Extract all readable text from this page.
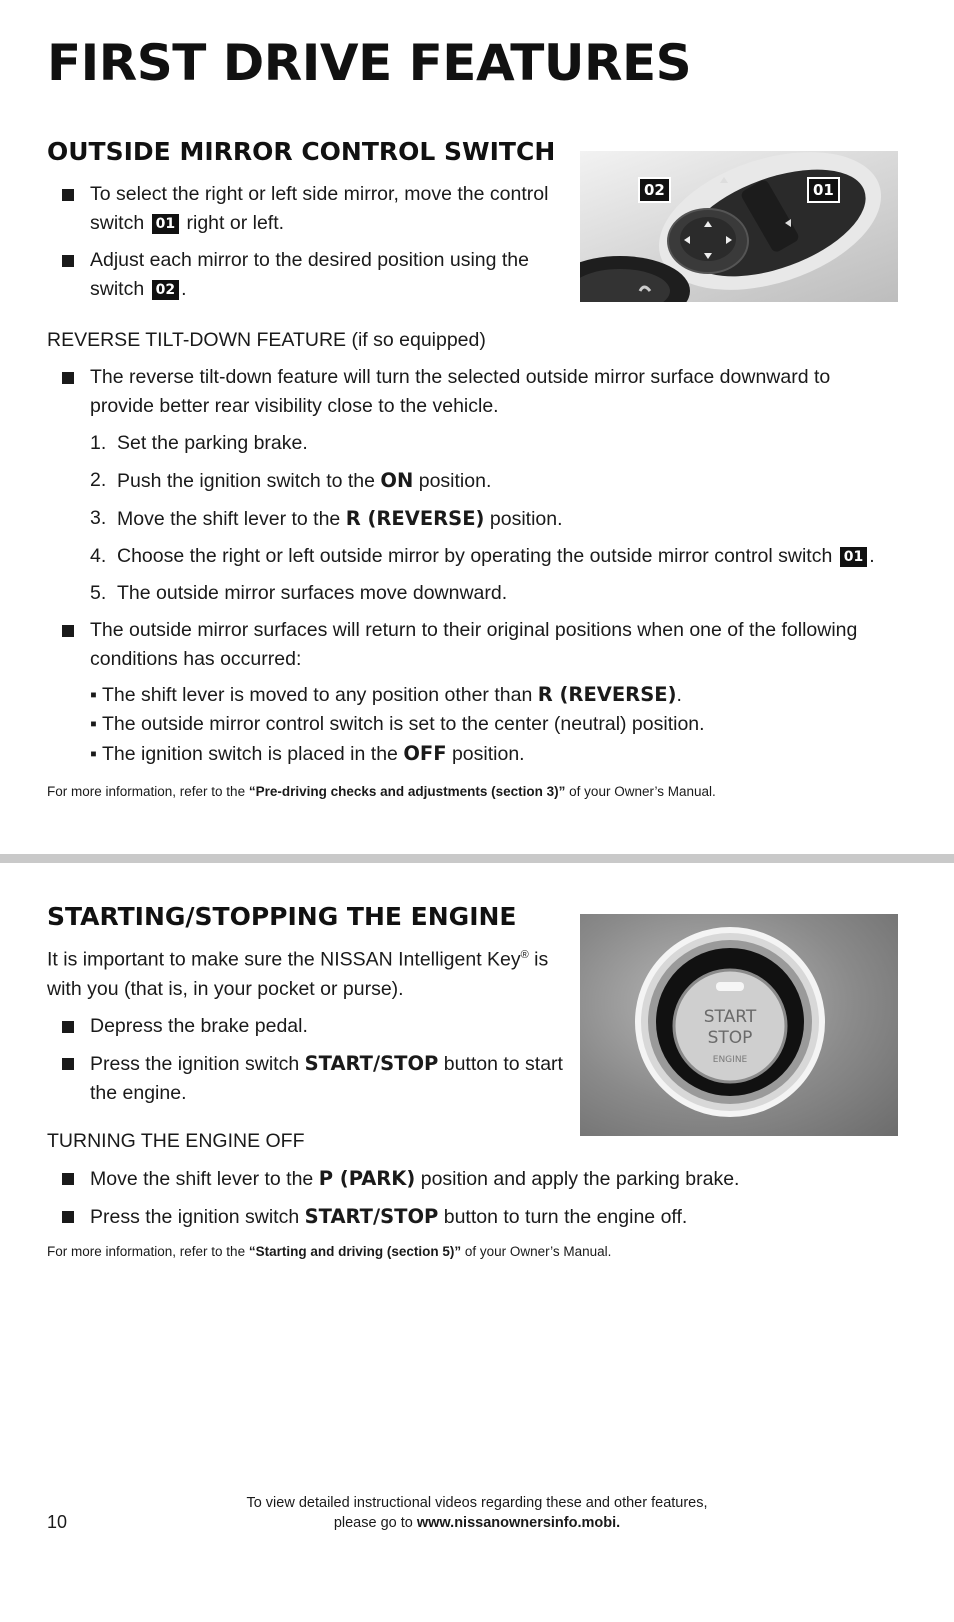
FIRST DRIVE FEATURES
OUTSIDE MIRROR CONTROL SWITCH
To select the right or left side mirror, move the control
switch 01 right or left.
Adjust each mirror to the desired position using the
switch 02 .
02	01
REVERSE TILT-DOWN FEATURE (if so equipped)
The reverse tilt-down feature will turn the selected outside mirror surface downward to
provide better rear visibility close to the vehicle.
1. Set the parking brake.
2. Push the ignition switch to the ON position.
3. Move the shift lever to the R (REVERSE) position.
4. Choose the right or left outside mirror by operating the outside mirror control switch 01 .
5. The outside mirror surfaces move downward.
The outside mirror surfaces will return to their original positions when one of the following
conditions has occurred:
▪ The shift lever is moved to any position other than R (REVERSE).
▪ The outside mirror control switch is set to the center (neutral) position.
▪ The ignition switch is placed in the OFF position.
For more information, refer to the “Pre-driving checks and adjustments (section 3)” of your Owner’s Manual.
STARTING/STOPPING THE ENGINE
It is important to make sure the NISSAN Intelligent Key® is
with you (that is, in your pocket or purse).
Depress the brake pedal.
Press the ignition switch START/STOP button to start
the engine.
START
STOP
ENGINE
TURNING THE ENGINE OFF
Move the shift lever to the P (PARK) position and apply the parking brake.
Press the ignition switch START/STOP button to turn the engine off.
For more information, refer to the “Starting and driving (section 5)” of your Owner’s Manual.
To view detailed instructional videos regarding these and other features,
please go to www.nissanownersinfo.mobi.
10
